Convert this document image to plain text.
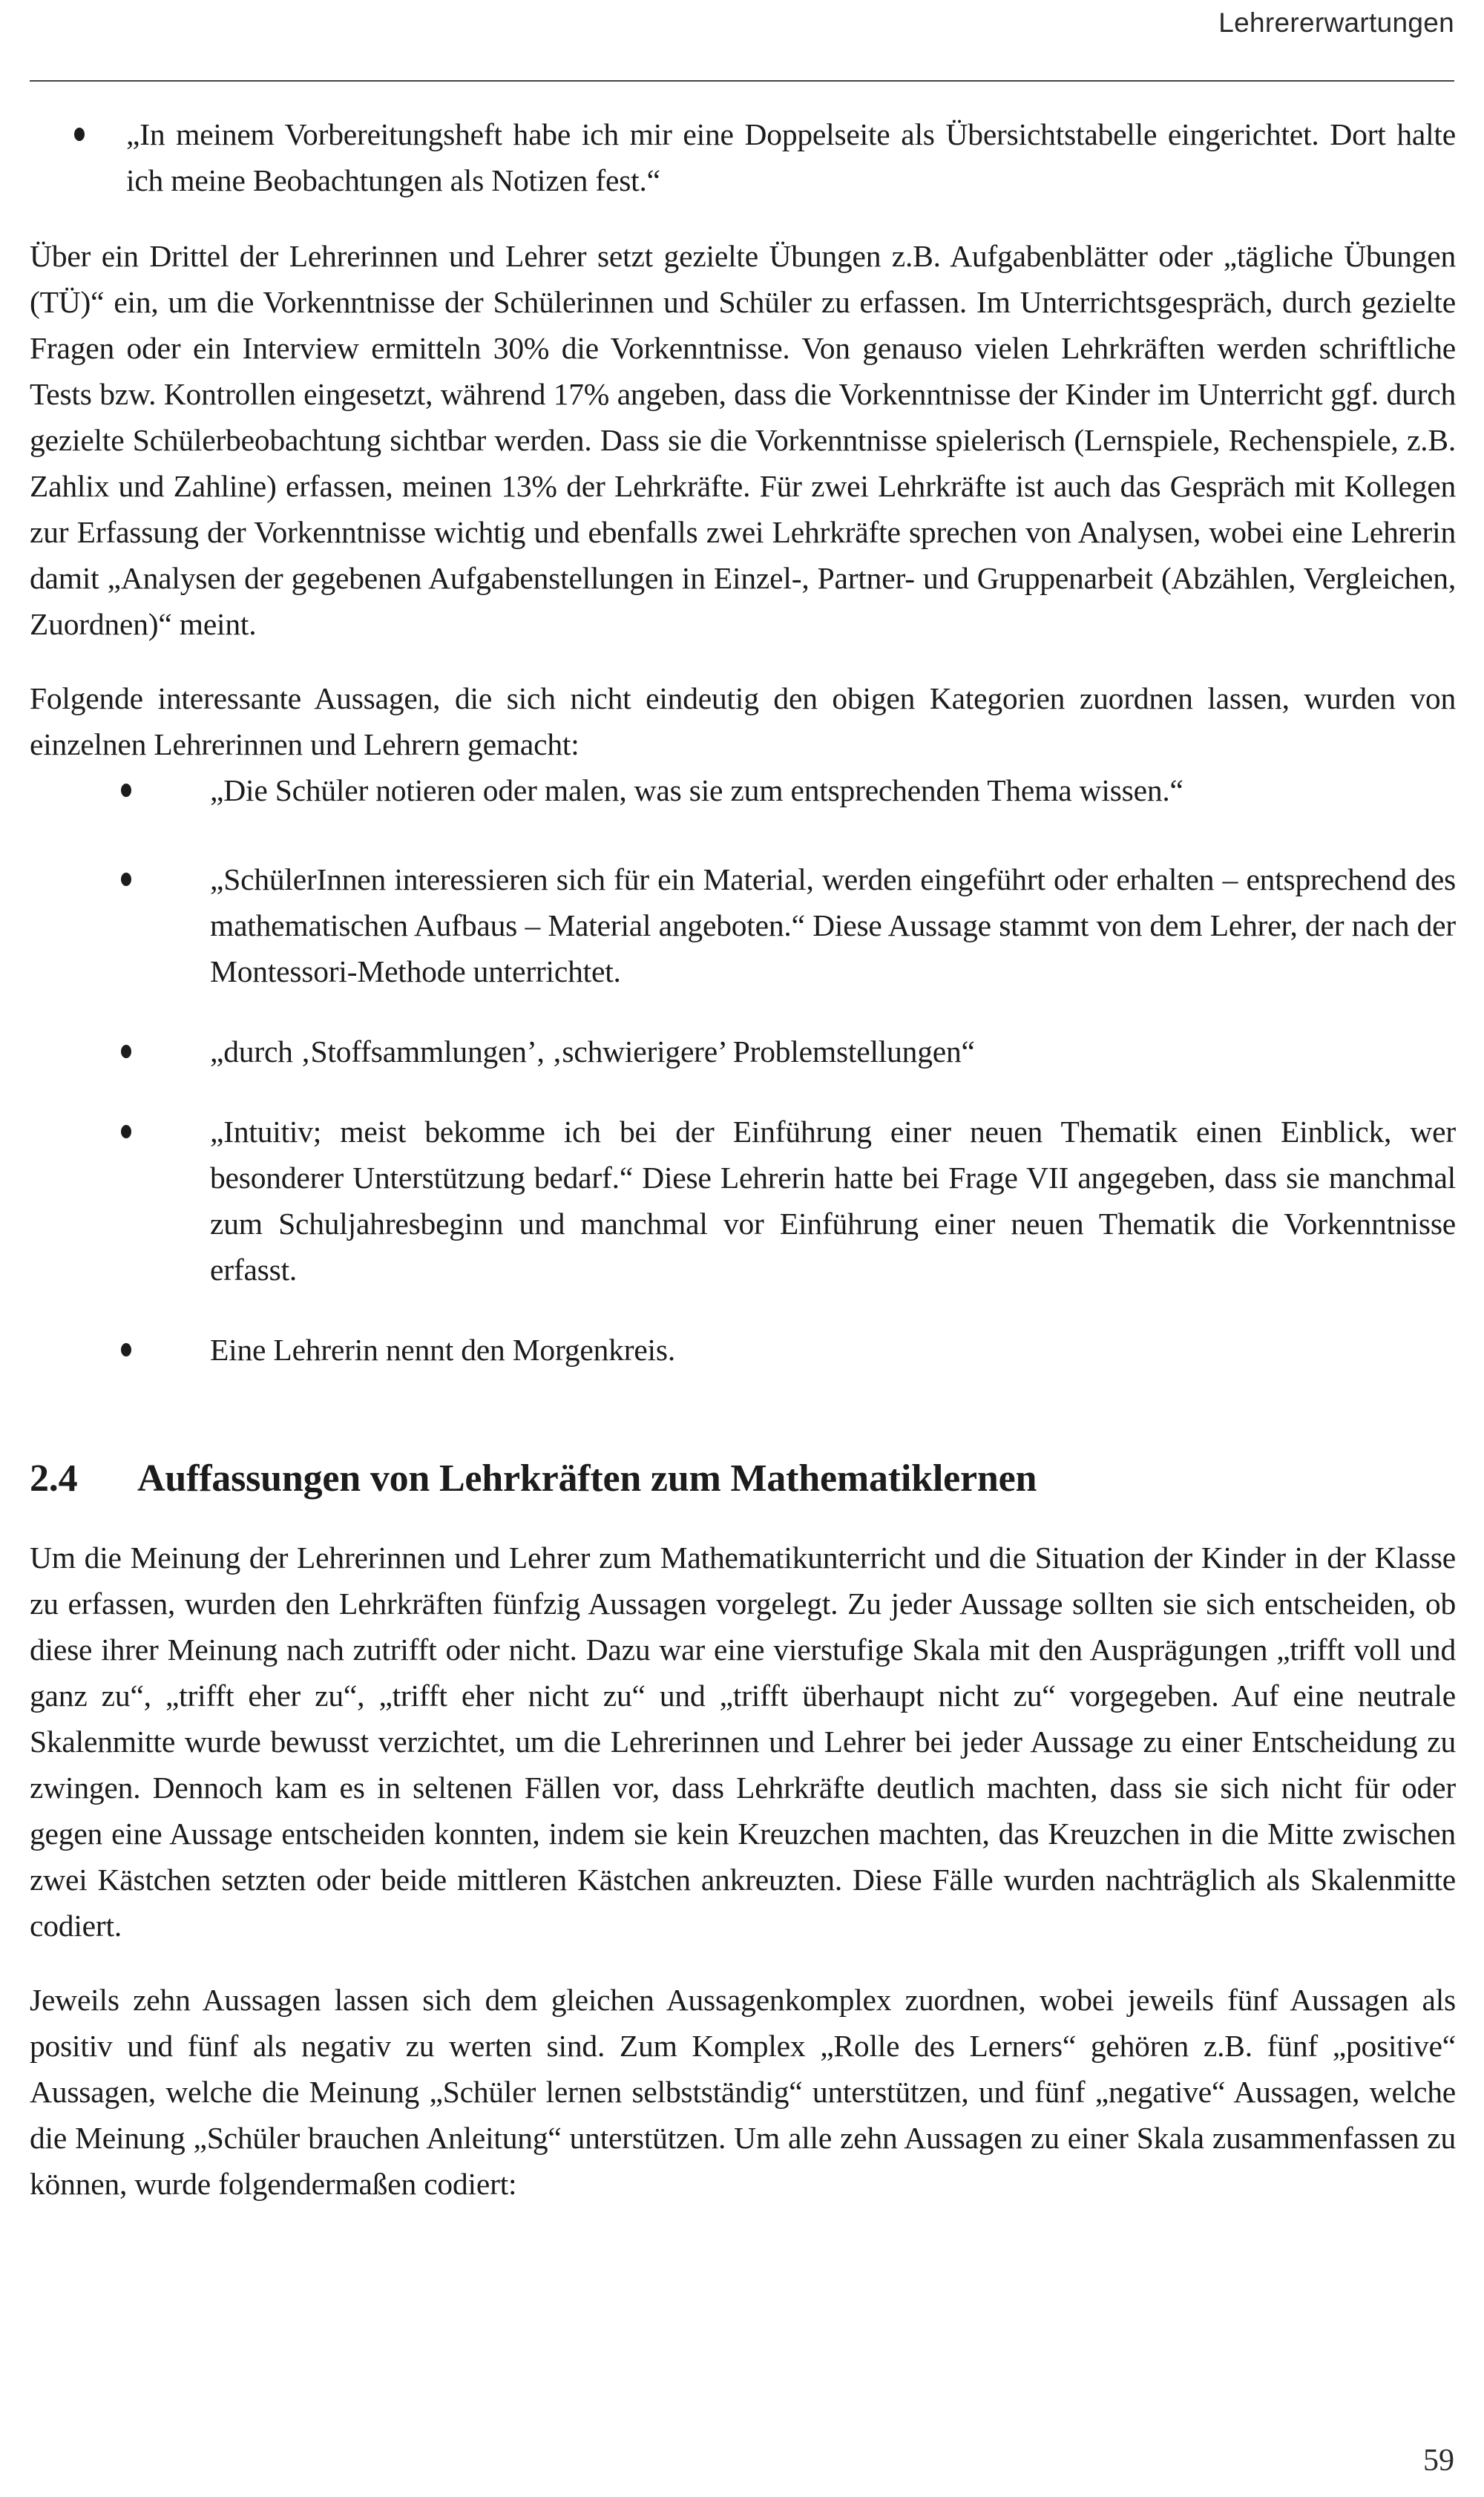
Lehrererwartungen

„In meinem Vorbereitungsheft habe ich mir eine Doppelseite als Übersichtstabelle eingerichtet. Dort halte ich meine Beobachtungen als Notizen fest.“

Über ein Drittel der Lehrerinnen und Lehrer setzt gezielte Übungen z.B. Aufgabenblätter oder „tägliche Übungen (TÜ)“ ein, um die Vorkenntnisse der Schülerinnen und Schüler zu erfassen. Im Unterrichtsgespräch, durch gezielte Fragen oder ein Interview ermitteln 30% die Vorkenntnisse. Von genauso vielen Lehrkräften werden schriftliche Tests bzw. Kontrollen eingesetzt, während 17% angeben, dass die Vorkenntnisse der Kinder im Unterricht ggf. durch gezielte Schülerbeobachtung sichtbar werden. Dass sie die Vorkenntnisse spielerisch (Lernspiele, Rechenspiele, z.B. Zahlix und Zahline) erfassen, meinen 13% der Lehrkräfte. Für zwei Lehrkräfte ist auch das Gespräch mit Kollegen zur Erfassung der Vorkenntnisse wichtig und ebenfalls zwei Lehrkräfte sprechen von Analysen, wobei eine Lehrerin damit „Analysen der gegebenen Aufgabenstellungen in Einzel-, Partner- und Gruppenarbeit (Abzählen, Vergleichen, Zuordnen)“ meint.

Folgende interessante Aussagen, die sich nicht eindeutig den obigen Kategorien zuordnen lassen, wurden von einzelnen Lehrerinnen und Lehrern gemacht:

„Die Schüler notieren oder malen, was sie zum entsprechenden Thema wissen.“

„SchülerInnen interessieren sich für ein Material, werden eingeführt oder erhalten – entsprechend des mathematischen Aufbaus – Material angeboten.“ Diese Aussage stammt von dem Lehrer, der nach der Montessori-Methode unterrichtet.

„durch ‚Stoffsammlungen’, ‚schwierigere’ Problemstellungen“

„Intuitiv; meist bekomme ich bei der Einführung einer neuen Thematik einen Einblick, wer besonderer Unterstützung bedarf.“ Diese Lehrerin hatte bei Frage VII angegeben, dass sie manchmal zum Schuljahresbeginn und manchmal vor Einführung einer neuen Thematik die Vorkenntnisse erfasst.

Eine Lehrerin nennt den Morgenkreis.

2.4 Auffassungen von Lehrkräften zum Mathematiklernen

Um die Meinung der Lehrerinnen und Lehrer zum Mathematikunterricht und die Situation der Kinder in der Klasse zu erfassen, wurden den Lehrkräften fünfzig Aussagen vorgelegt. Zu jeder Aussage sollten sie sich entscheiden, ob diese ihrer Meinung nach zutrifft oder nicht. Dazu war eine vierstufige Skala mit den Ausprägungen „trifft voll und ganz zu“, „trifft eher zu“, „trifft eher nicht zu“ und „trifft überhaupt nicht zu“ vorgegeben. Auf eine neutrale Skalenmitte wurde bewusst verzichtet, um die Lehrerinnen und Lehrer bei jeder Aussage zu einer Entscheidung zu zwingen. Dennoch kam es in seltenen Fällen vor, dass Lehrkräfte deutlich machten, dass sie sich nicht für oder gegen eine Aussage entscheiden konnten, indem sie kein Kreuzchen machten, das Kreuzchen in die Mitte zwischen zwei Kästchen setzten oder beide mittleren Kästchen ankreuzten. Diese Fälle wurden nachträglich als Skalenmitte codiert.

Jeweils zehn Aussagen lassen sich dem gleichen Aussagenkomplex zuordnen, wobei jeweils fünf Aussagen als positiv und fünf als negativ zu werten sind. Zum Komplex „Rolle des Lerners“ gehören z.B. fünf „positive“ Aussagen, welche die Meinung „Schüler lernen selbstständig“ unterstützen, und fünf „negative“ Aussagen, welche die Meinung „Schüler brauchen Anleitung“ unterstützen. Um alle zehn Aussagen zu einer Skala zusammenfassen zu können, wurde folgendermaßen codiert:

59
